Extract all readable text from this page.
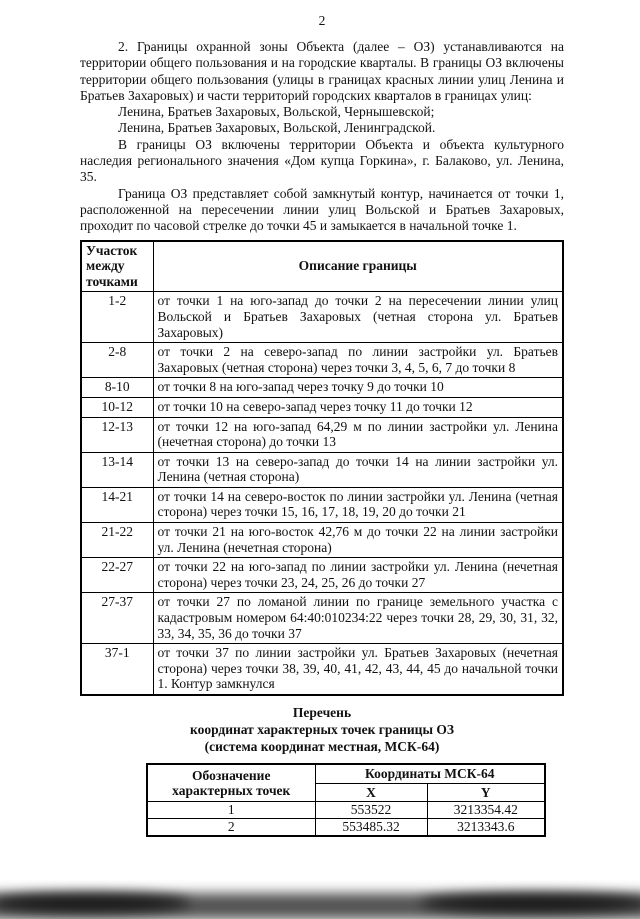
2

2. Границы охранной зоны Объекта (далее – ОЗ) устанавливаются на территории общего пользования и на городские кварталы. В границы ОЗ включены территории общего пользования (улицы в границах красных линии улиц Ленина и Братьев Захаровых) и части территорий городских кварталов в границах улиц:

Ленина, Братьев Захаровых, Вольской, Чернышевской;

Ленина, Братьев Захаровых, Вольской, Ленинградской.

В границы ОЗ включены территории Объекта и объекта культурного наследия регионального значения «Дом купца Горкина», г. Балаково, ул. Ленина, 35.

Граница ОЗ представляет собой замкнутый контур, начинается от точки 1, расположенной на пересечении линии улиц Вольской и Братьев Захаровых, проходит по часовой стрелке до точки 45 и замыкается в начальной точке 1.

Участок между точками	Описание границы
1-2	от точки 1 на юго-запад до точки 2 на пересечении линии улиц Вольской и Братьев Захаровых (четная сторона ул. Братьев Захаровых)
2-8	от точки 2 на северо-запад по линии застройки ул. Братьев Захаровых (четная сторона) через точки 3, 4, 5, 6, 7 до точки 8
8-10	от точки 8 на юго-запад через точку 9 до точки 10
10-12	от точки 10 на северо-запад через точку 11 до точки 12
12-13	от точки 12 на юго-запад 64,29 м по линии застройки ул. Ленина (нечетная сторона) до точки 13
13-14	от точки 13 на северо-запад до точки 14 на линии застройки ул. Ленина (четная сторона)
14-21	от точки 14 на северо-восток по линии застройки ул. Ленина (четная сторона) через точки 15, 16, 17, 18, 19, 20 до точки 21
21-22	от точки 21 на юго-восток 42,76 м до точки 22 на линии застройки ул. Ленина (нечетная сторона)
22-27	от точки 22 на юго-запад по линии застройки ул. Ленина (нечетная сторона) через точки 23, 24, 25, 26 до точки 27
27-37	от точки 27 по ломаной линии по границе земельного участка с кадастровым номером 64:40:010234:22 через точки 28, 29, 30, 31, 32, 33, 34, 35, 36 до точки 37
37-1	от точки 37 по линии застройки ул. Братьев Захаровых (нечетная сторона) через точки 38, 39, 40, 41, 42, 43, 44, 45 до начальной точки 1. Контур замкнулся
Перечень
координат характерных точек границы ОЗ
(система координат местная, МСК-64)
Обозначение характерных точек	Координаты МСК-64	
	X	Y
1	553522	3213354.42
2	553485.32	3213343.6
